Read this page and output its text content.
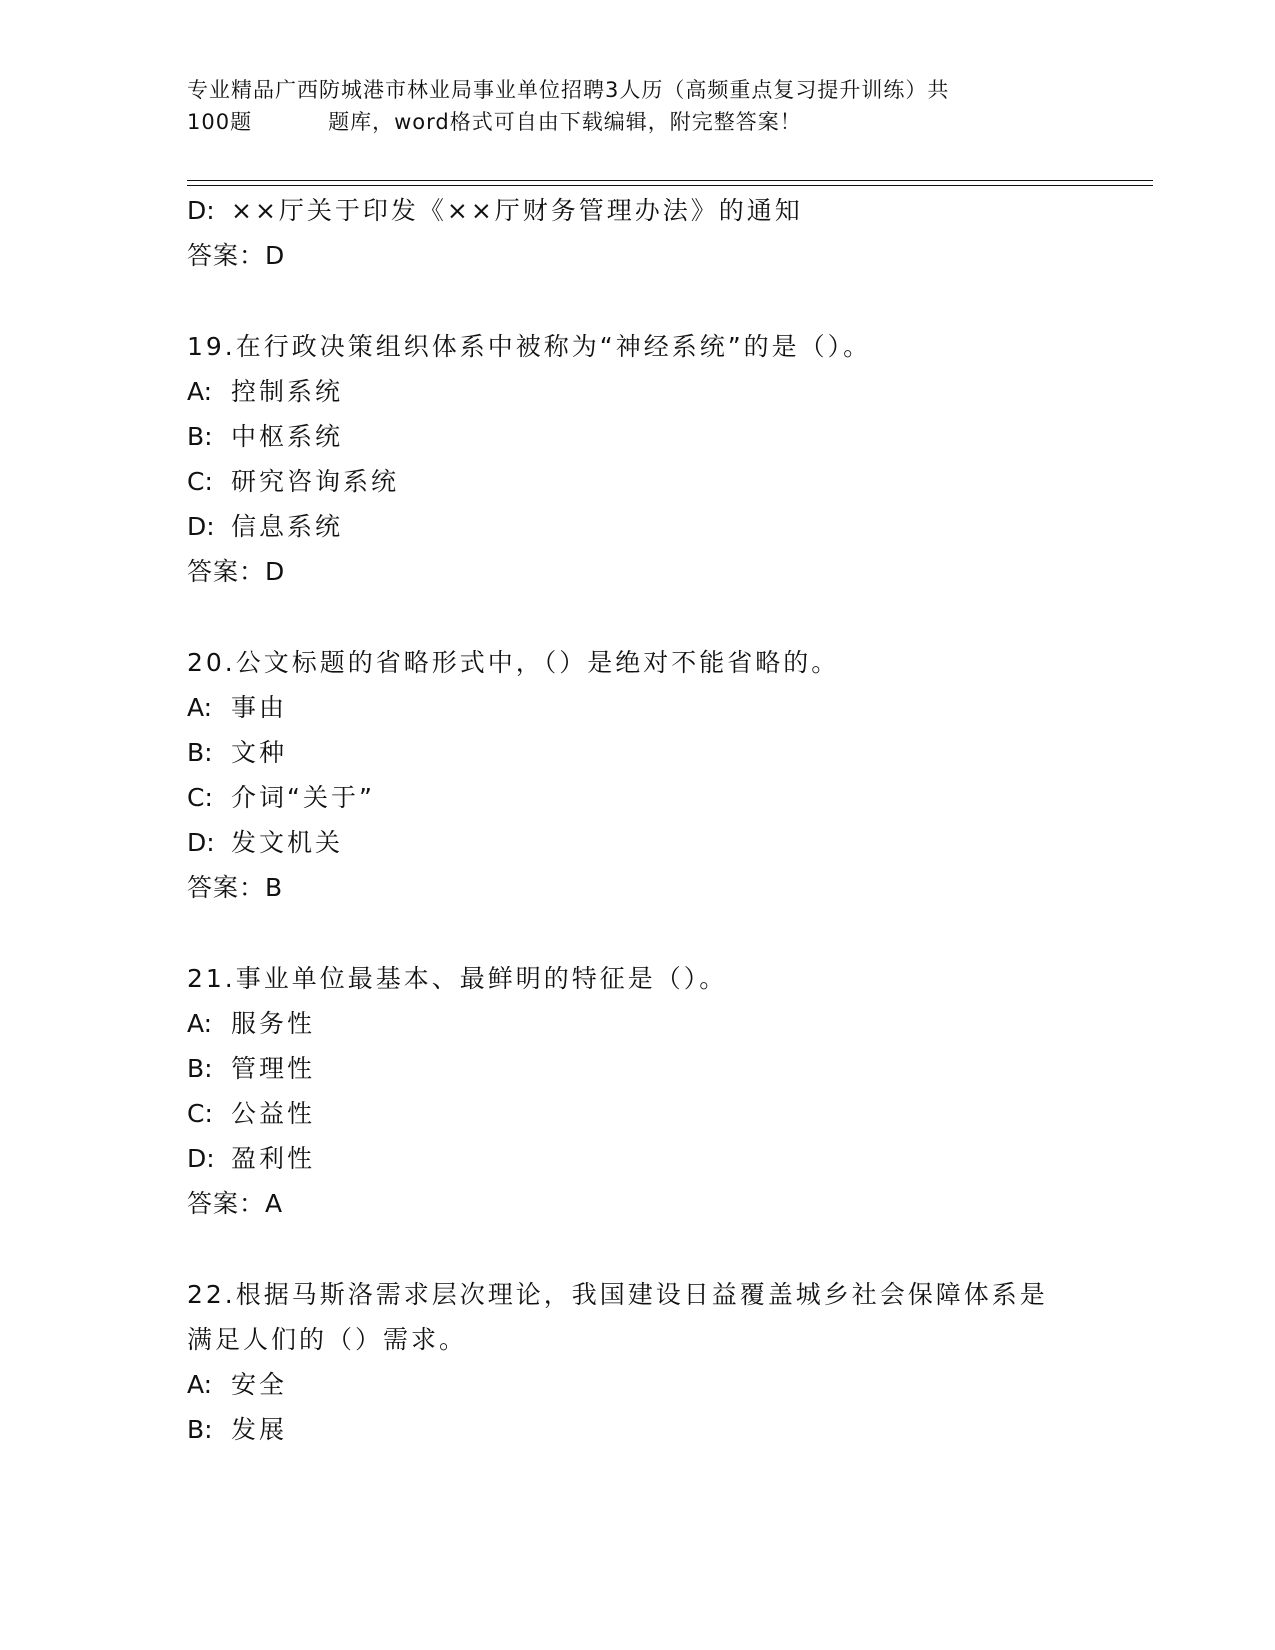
专业精品广西防城港市林业局事业单位招聘3人历（高频重点复习提升训练）共
100题	题库，word格式可自由下载编辑，附完整答案！
D: ××厅关于印发《××厅财务管理办法》的通知
答案：D
19.在行政决策组织体系中被称为“神经系统”的是（）。
A: 控制系统
B: 中枢系统
C: 研究咨询系统
D: 信息系统
答案：D
20.公文标题的省略形式中，（）是绝对不能省略的。
A: 事由
B: 文种
C: 介词“关于”
D: 发文机关
答案：B
21.事业单位最基本、最鲜明的特征是（）。
A: 服务性
B: 管理性
C: 公益性
D: 盈利性
答案：A
22.根据马斯洛需求层次理论，我国建设日益覆盖城乡社会保障体系是
满足人们的（）需求。
A: 安全
B: 发展
